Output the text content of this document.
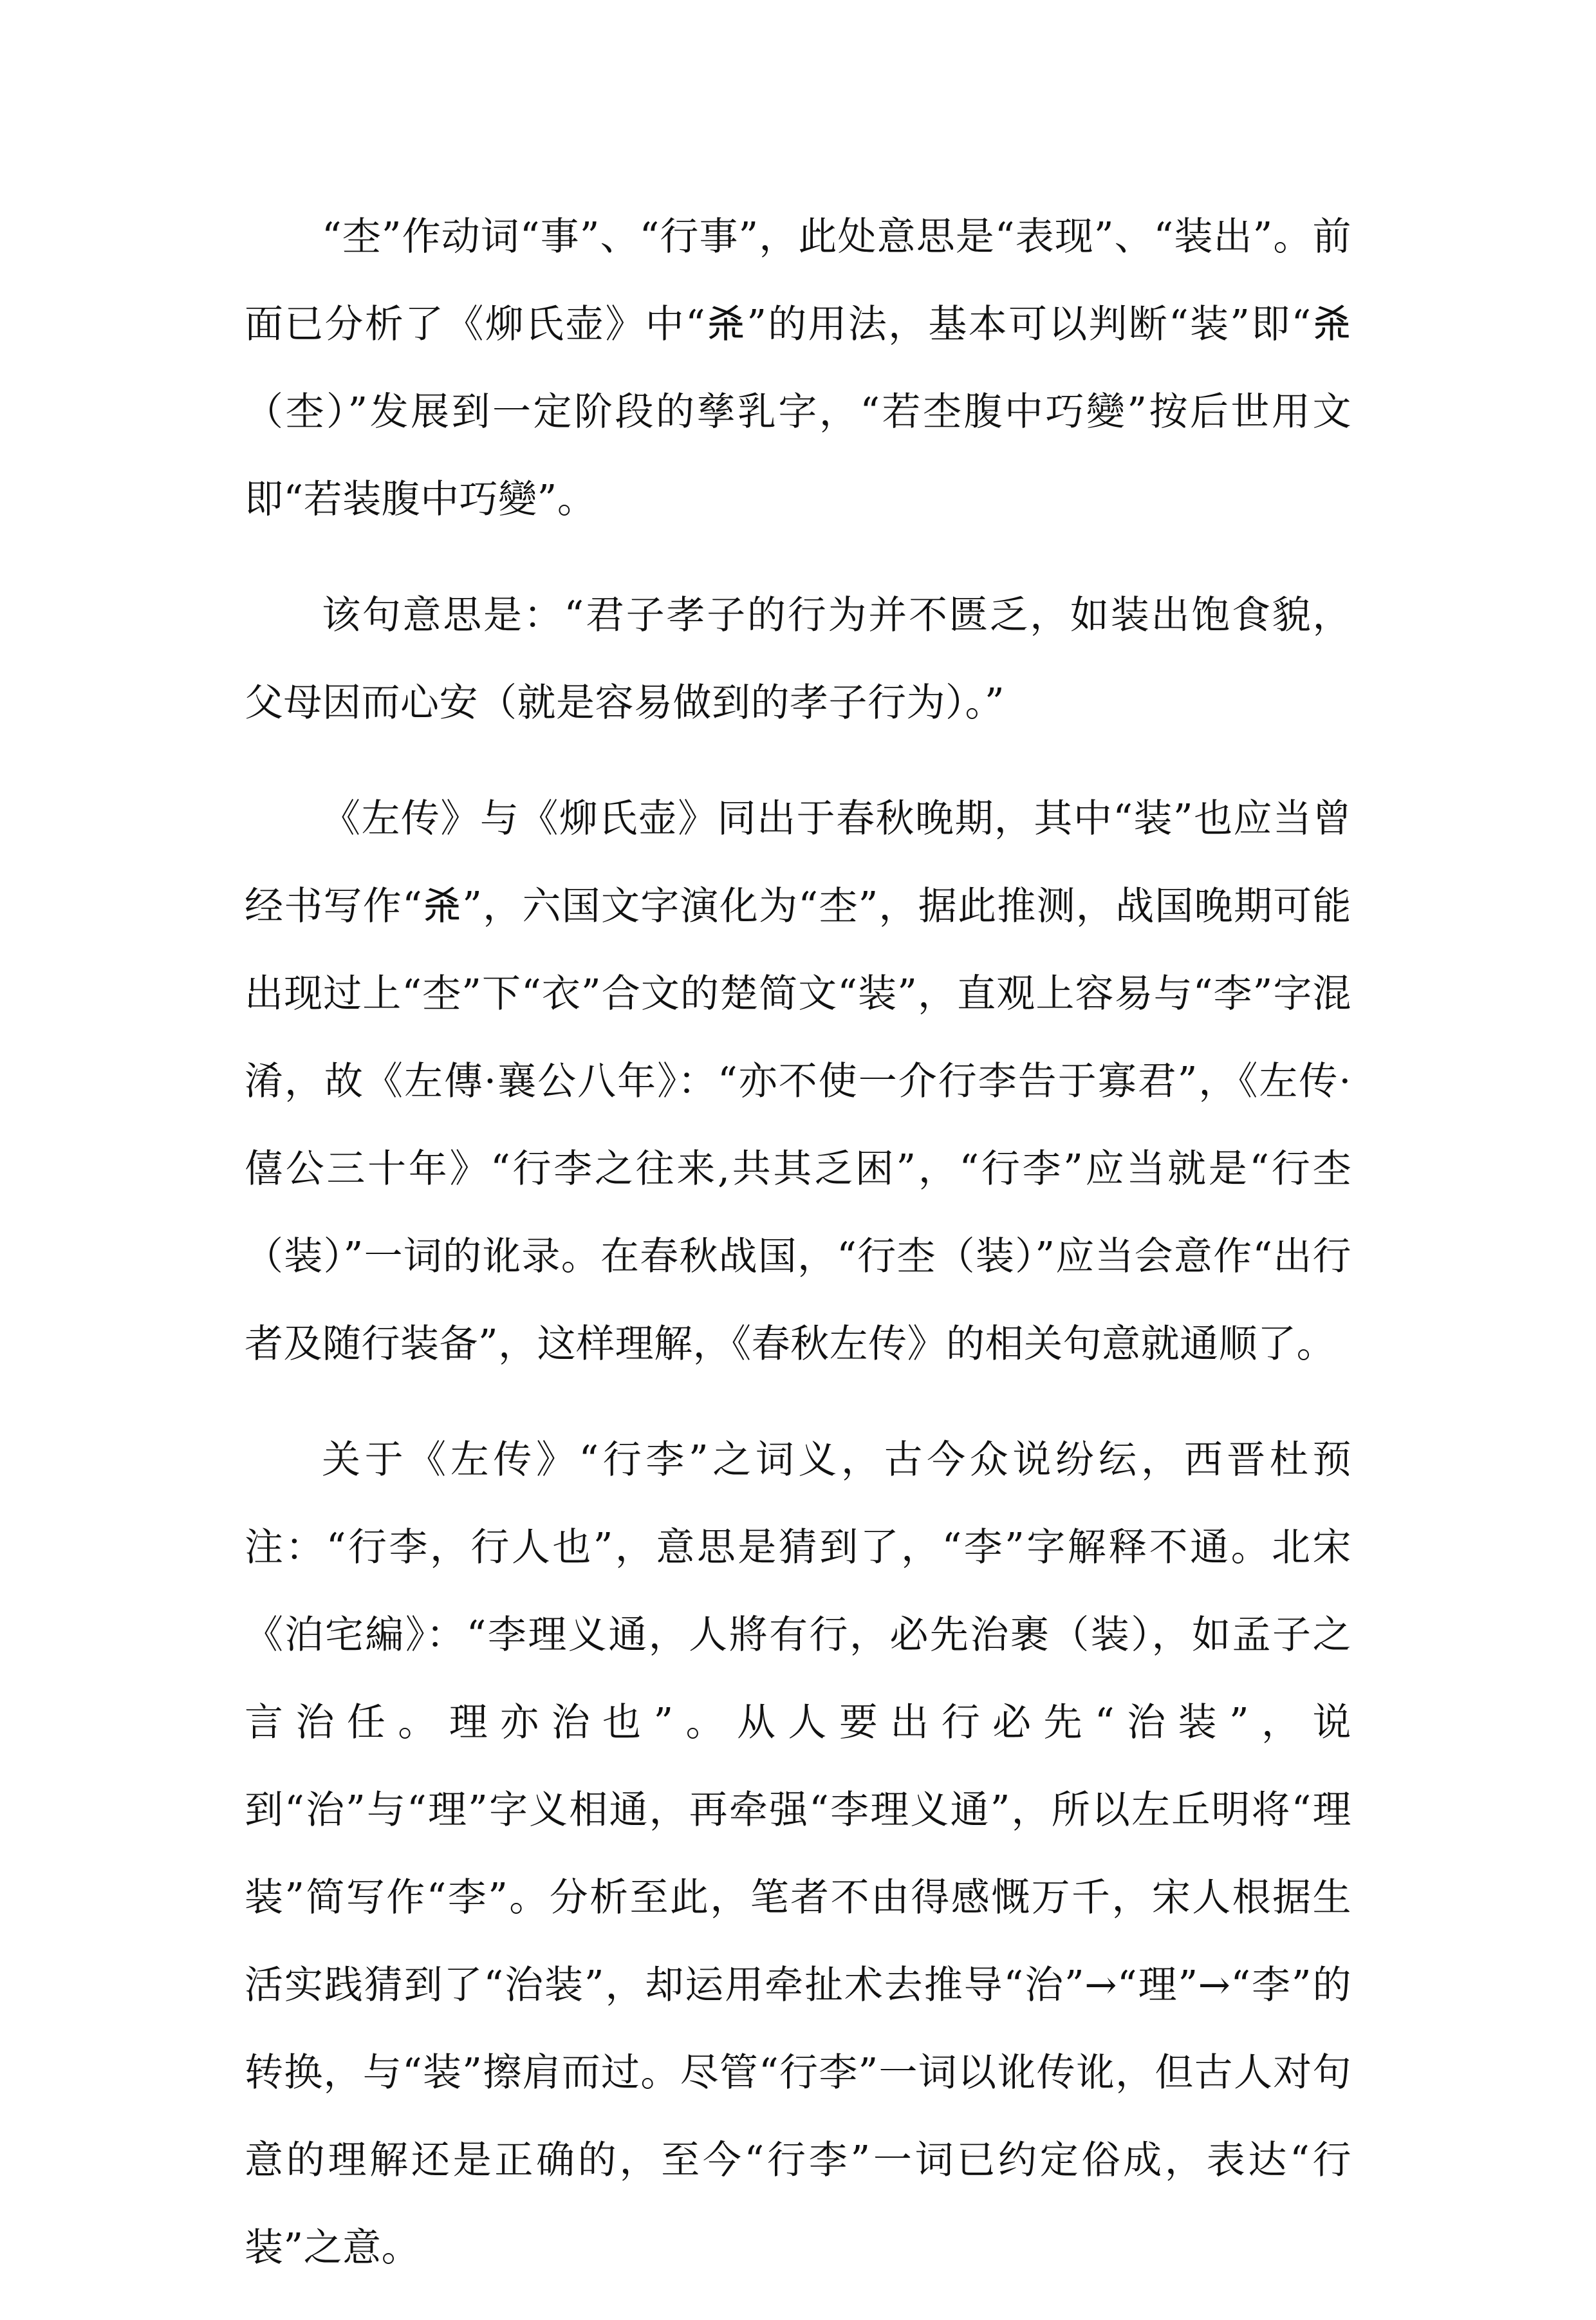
“杢”作动词“事”、“行事”，此处意思是“表现”、“装出”。前面已分析了《㶯氏壶》中“𣏂”的用法，基本可以判断“装”即“𣏂（杢）”发展到一定阶段的孳乳字，“若杢腹中巧變”按后世用文即“若装腹中巧變”。

该句意思是：“君子孝子的行为并不匮乏，如装出饱食貌，父母因而心安（就是容易做到的孝子行为）。”

《左传》与《㶯氏壶》同出于春秋晚期，其中“装”也应当曾经书写作“𣏂”，六国文字演化为“杢”，据此推测，战国晚期可能出现过上“杢”下“衣”合文的楚简文“装”，直观上容易与“李”字混淆，故《左傳·襄公八年》：“亦不使一介行李告于寡君”，《左传·僖公三十年》“行李之往来,共其乏困”，“行李”应当就是“行杢（装）”一词的讹录。在春秋战国，“行杢（装）”应当会意作“出行者及随行装备”，这样理解，《春秋左传》的相关句意就通顺了。

关于《左传》“行李”之词义，古今众说纷纭，西晋杜预注：“行李，行人也”，意思是猜到了，“李”字解释不通。北宋《泊宅編》：“李理义通，人將有行，必先治裹（装），如孟子之言治任。理亦治也”。从人要出行必先“治装”，说到“治”与“理”字义相通，再牵强“李理义通”，所以左丘明将“理装”简写作“李”。分析至此，笔者不由得感慨万千，宋人根据生活实践猜到了“治装”，却运用牵扯术去推导“治”→“理”→“李”的转换，与“装”擦肩而过。尽管“行李”一词以讹传讹，但古人对句意的理解还是正确的，至今“行李”一词已约定俗成，表达“行装”之意。
